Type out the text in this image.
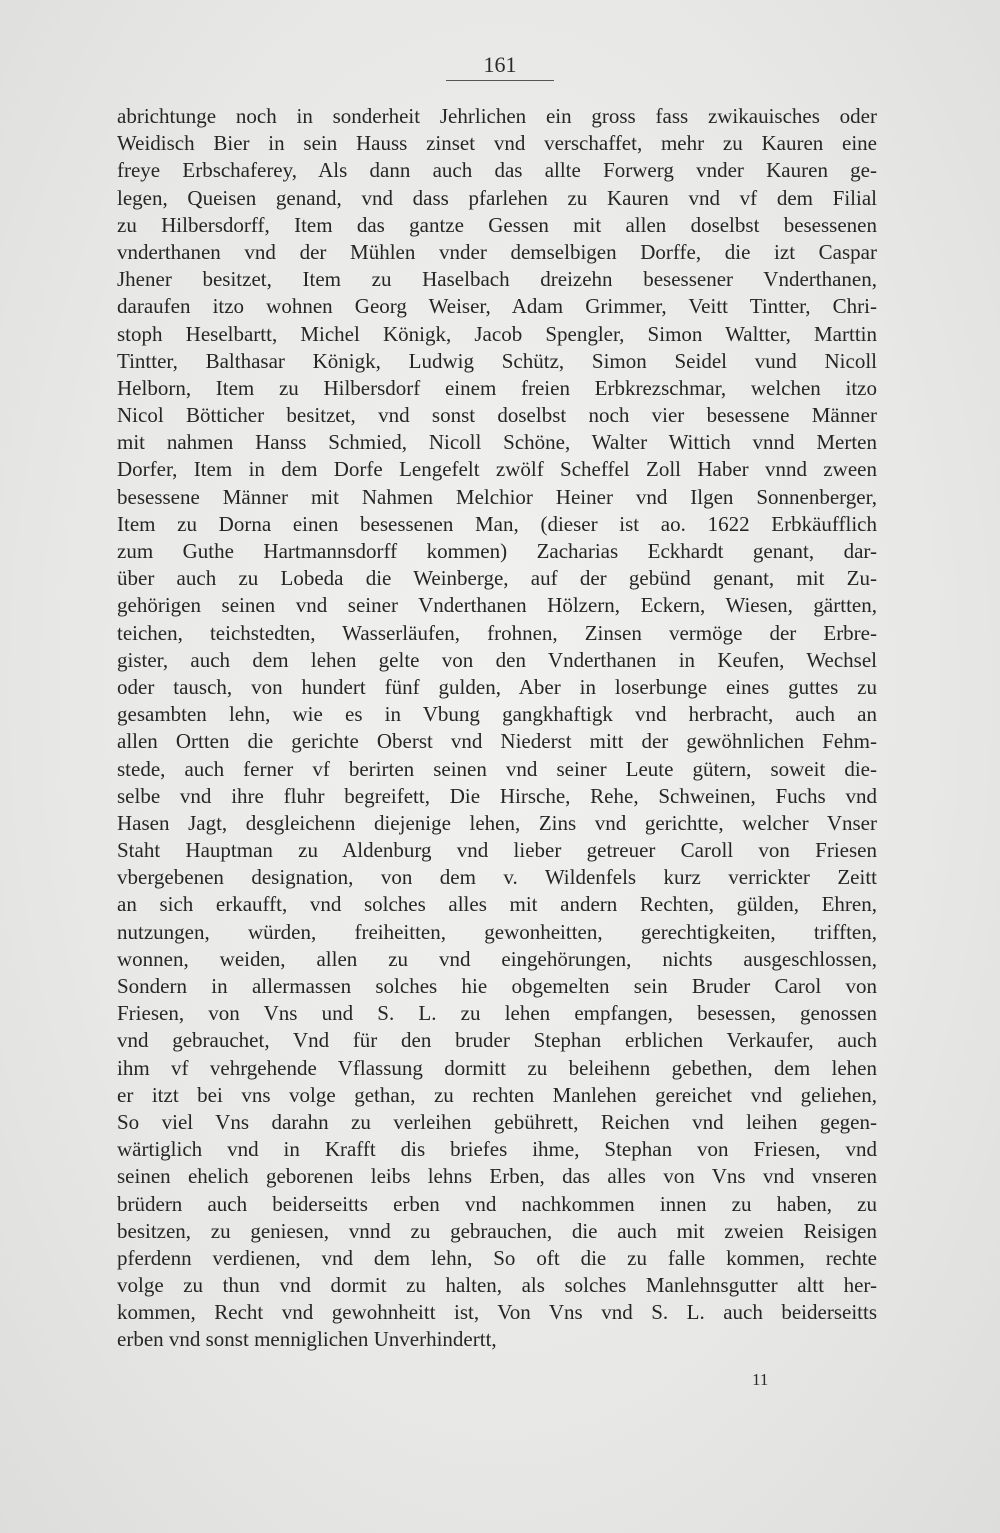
161
abrichtunge noch in sonderheit Jehrlichen ein gross fass zwikauisches oder
Weidisch Bier in sein Hauss zinset vnd verschaffet, mehr zu Kauren eine
freye Erbschaferey, Als dann auch das allte Forwerg vnder Kauren ge-
legen, Queisen genand, vnd dass pfarlehen zu Kauren vnd vf dem Filial
zu Hilbersdorff, Item das gantze Gessen mit allen doselbst besessenen
vnderthanen vnd der Mühlen vnder demselbigen Dorffe, die izt Caspar
Jhener besitzet, Item zu Haselbach dreizehn besessener Vnderthanen,
daraufen itzo wohnen Georg Weiser, Adam Grimmer, Veitt Tintter, Chri-
stoph Heselbartt, Michel Königk, Jacob Spengler, Simon Waltter, Marttin
Tintter, Balthasar Königk, Ludwig Schütz, Simon Seidel vund Nicoll
Helborn, Item zu Hilbersdorf einem freien Erbkrezschmar, welchen itzo
Nicol Bötticher besitzet, vnd sonst doselbst noch vier besessene Männer
mit nahmen Hanss Schmied, Nicoll Schöne, Walter Wittich vnnd Merten
Dorfer, Item in dem Dorfe Lengefelt zwölf Scheffel Zoll Haber vnnd zween
besessene Männer mit Nahmen Melchior Heiner vnd Ilgen Sonnenberger,
Item zu Dorna einen besessenen Man, (dieser ist ao. 1622 Erbkäufflich
zum Guthe Hartmannsdorff kommen) Zacharias Eckhardt genant, dar-
über auch zu Lobeda die Weinberge, auf der gebünd genant, mit Zu-
gehörigen seinen vnd seiner Vnderthanen Hölzern, Eckern, Wiesen, gärtten,
teichen, teichstedten, Wasserläufen, frohnen, Zinsen vermöge der Erbre-
gister, auch dem lehen gelte von den Vnderthanen in Keufen, Wechsel
oder tausch, von hundert fünf gulden, Aber in loserbunge eines guttes zu
gesambten lehn, wie es in Vbung gangkhaftigk vnd herbracht, auch an
allen Ortten die gerichte Oberst vnd Niederst mitt der gewöhnlichen Fehm-
stede, auch ferner vf berirten seinen vnd seiner Leute gütern, soweit die-
selbe vnd ihre fluhr begreifett, Die Hirsche, Rehe, Schweinen, Fuchs vnd
Hasen Jagt, desgleichenn diejenige lehen, Zins vnd gerichtte, welcher Vnser
Staht Hauptman zu Aldenburg vnd lieber getreuer Caroll von Friesen
vbergebenen designation, von dem v. Wildenfels kurz verrickter Zeitt
an sich erkaufft, vnd solches alles mit andern Rechten, gülden, Ehren,
nutzungen, würden, freiheitten, gewonheitten, gerechtigkeiten, trifften,
wonnen, weiden, allen zu vnd eingehörungen, nichts ausgeschlossen,
Sondern in allermassen solches hie obgemelten sein Bruder Carol von
Friesen, von Vns und S. L. zu lehen empfangen, besessen, genossen
vnd gebrauchet, Vnd für den bruder Stephan erblichen Verkaufer, auch
ihm vf vehrgehende Vflassung dormitt zu beleihenn gebethen, dem lehen
er itzt bei vns volge gethan, zu rechten Manlehen gereichet vnd geliehen,
So viel Vns darahn zu verleihen gebührett, Reichen vnd leihen gegen-
wärtiglich vnd in Krafft dis briefes ihme, Stephan von Friesen, vnd
seinen ehelich geborenen leibs lehns Erben, das alles von Vns vnd vnseren
brüdern auch beiderseitts erben vnd nachkommen innen zu haben, zu
besitzen, zu geniesen, vnnd zu gebrauchen, die auch mit zweien Reisigen
pferdenn verdienen, vnd dem lehn, So oft die zu falle kommen, rechte
volge zu thun vnd dormit zu halten, als solches Manlehnsgutter altt her-
kommen, Recht vnd gewohnheitt ist, Von Vns vnd S. L. auch beiderseitts
erben vnd sonst menniglichen Unverhindertt,
11
